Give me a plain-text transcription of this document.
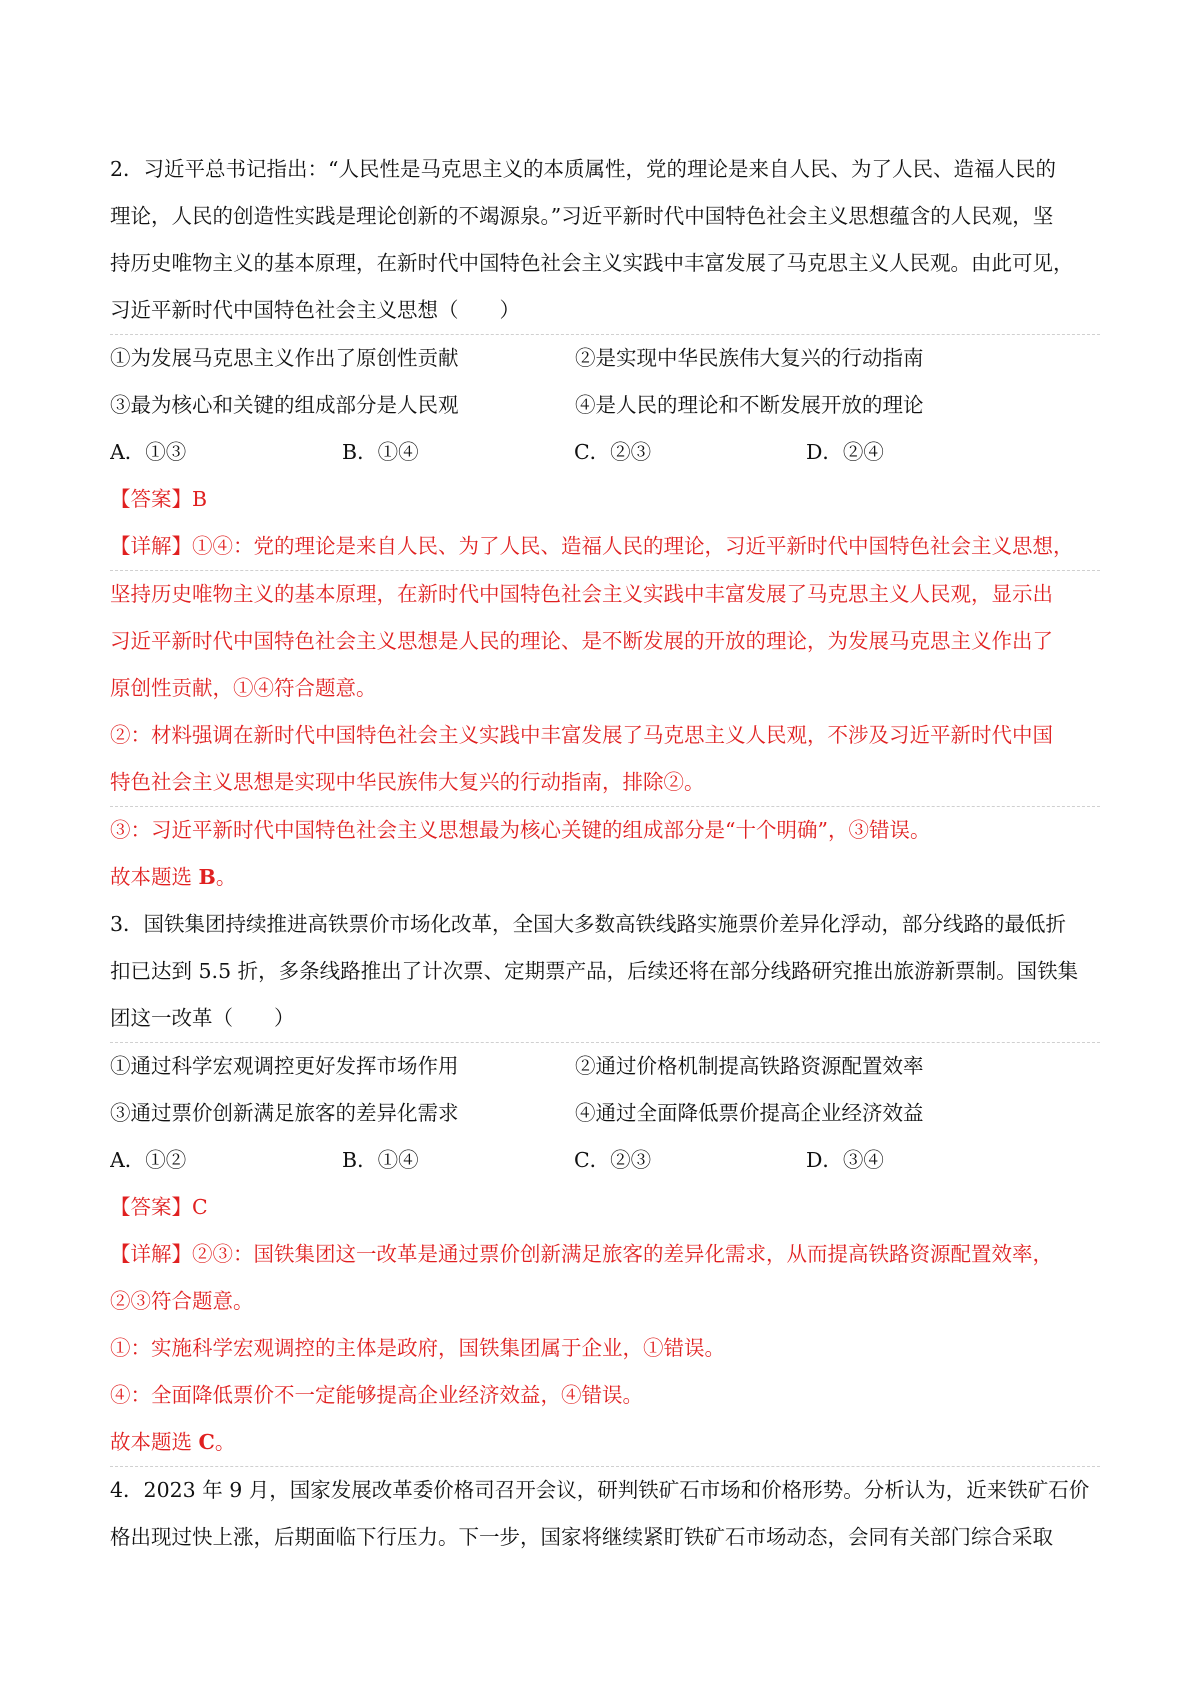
2．习近平总书记指出：“人民性是马克思主义的本质属性，党的理论是来自人民、为了人民、造福人民的
理论，人民的创造性实践是理论创新的不竭源泉。”习近平新时代中国特色社会主义思想蕴含的人民观，坚
持历史唯物主义的基本原理，在新时代中国特色社会主义实践中丰富发展了马克思主义人民观。由此可见，
习近平新时代中国特色社会主义思想（　　）
①为发展马克思主义作出了原创性贡献	②是实现中华民族伟大复兴的行动指南
③最为核心和关键的组成部分是人民观	④是人民的理论和不断发展开放的理论
A．①③	B．①④	C．②③	D．②④
【答案】B
【详解】①④：党的理论是来自人民、为了人民、造福人民的理论，习近平新时代中国特色社会主义思想，
坚持历史唯物主义的基本原理，在新时代中国特色社会主义实践中丰富发展了马克思主义人民观，显示出
习近平新时代中国特色社会主义思想是人民的理论、是不断发展的开放的理论，为发展马克思主义作出了
原创性贡献，①④符合题意。
②：材料强调在新时代中国特色社会主义实践中丰富发展了马克思主义人民观，不涉及习近平新时代中国
特色社会主义思想是实现中华民族伟大复兴的行动指南，排除②。
③：习近平新时代中国特色社会主义思想最为核心关键的组成部分是“十个明确”，③错误。
故本题选 B。
3．国铁集团持续推进高铁票价市场化改革，全国大多数高铁线路实施票价差异化浮动，部分线路的最低折
扣已达到 5.5 折，多条线路推出了计次票、定期票产品，后续还将在部分线路研究推出旅游新票制。国铁集
团这一改革（　　）
①通过科学宏观调控更好发挥市场作用	②通过价格机制提高铁路资源配置效率
③通过票价创新满足旅客的差异化需求	④通过全面降低票价提高企业经济效益
A．①②	B．①④	C．②③	D．③④
【答案】C
【详解】②③：国铁集团这一改革是通过票价创新满足旅客的差异化需求，从而提高铁路资源配置效率，
②③符合题意。
①：实施科学宏观调控的主体是政府，国铁集团属于企业，①错误。
④：全面降低票价不一定能够提高企业经济效益，④错误。
故本题选 C。
4．2023 年 9 月，国家发展改革委价格司召开会议，研判铁矿石市场和价格形势。分析认为，近来铁矿石价
格出现过快上涨，后期面临下行压力。下一步，国家将继续紧盯铁矿石市场动态，会同有关部门综合采取
